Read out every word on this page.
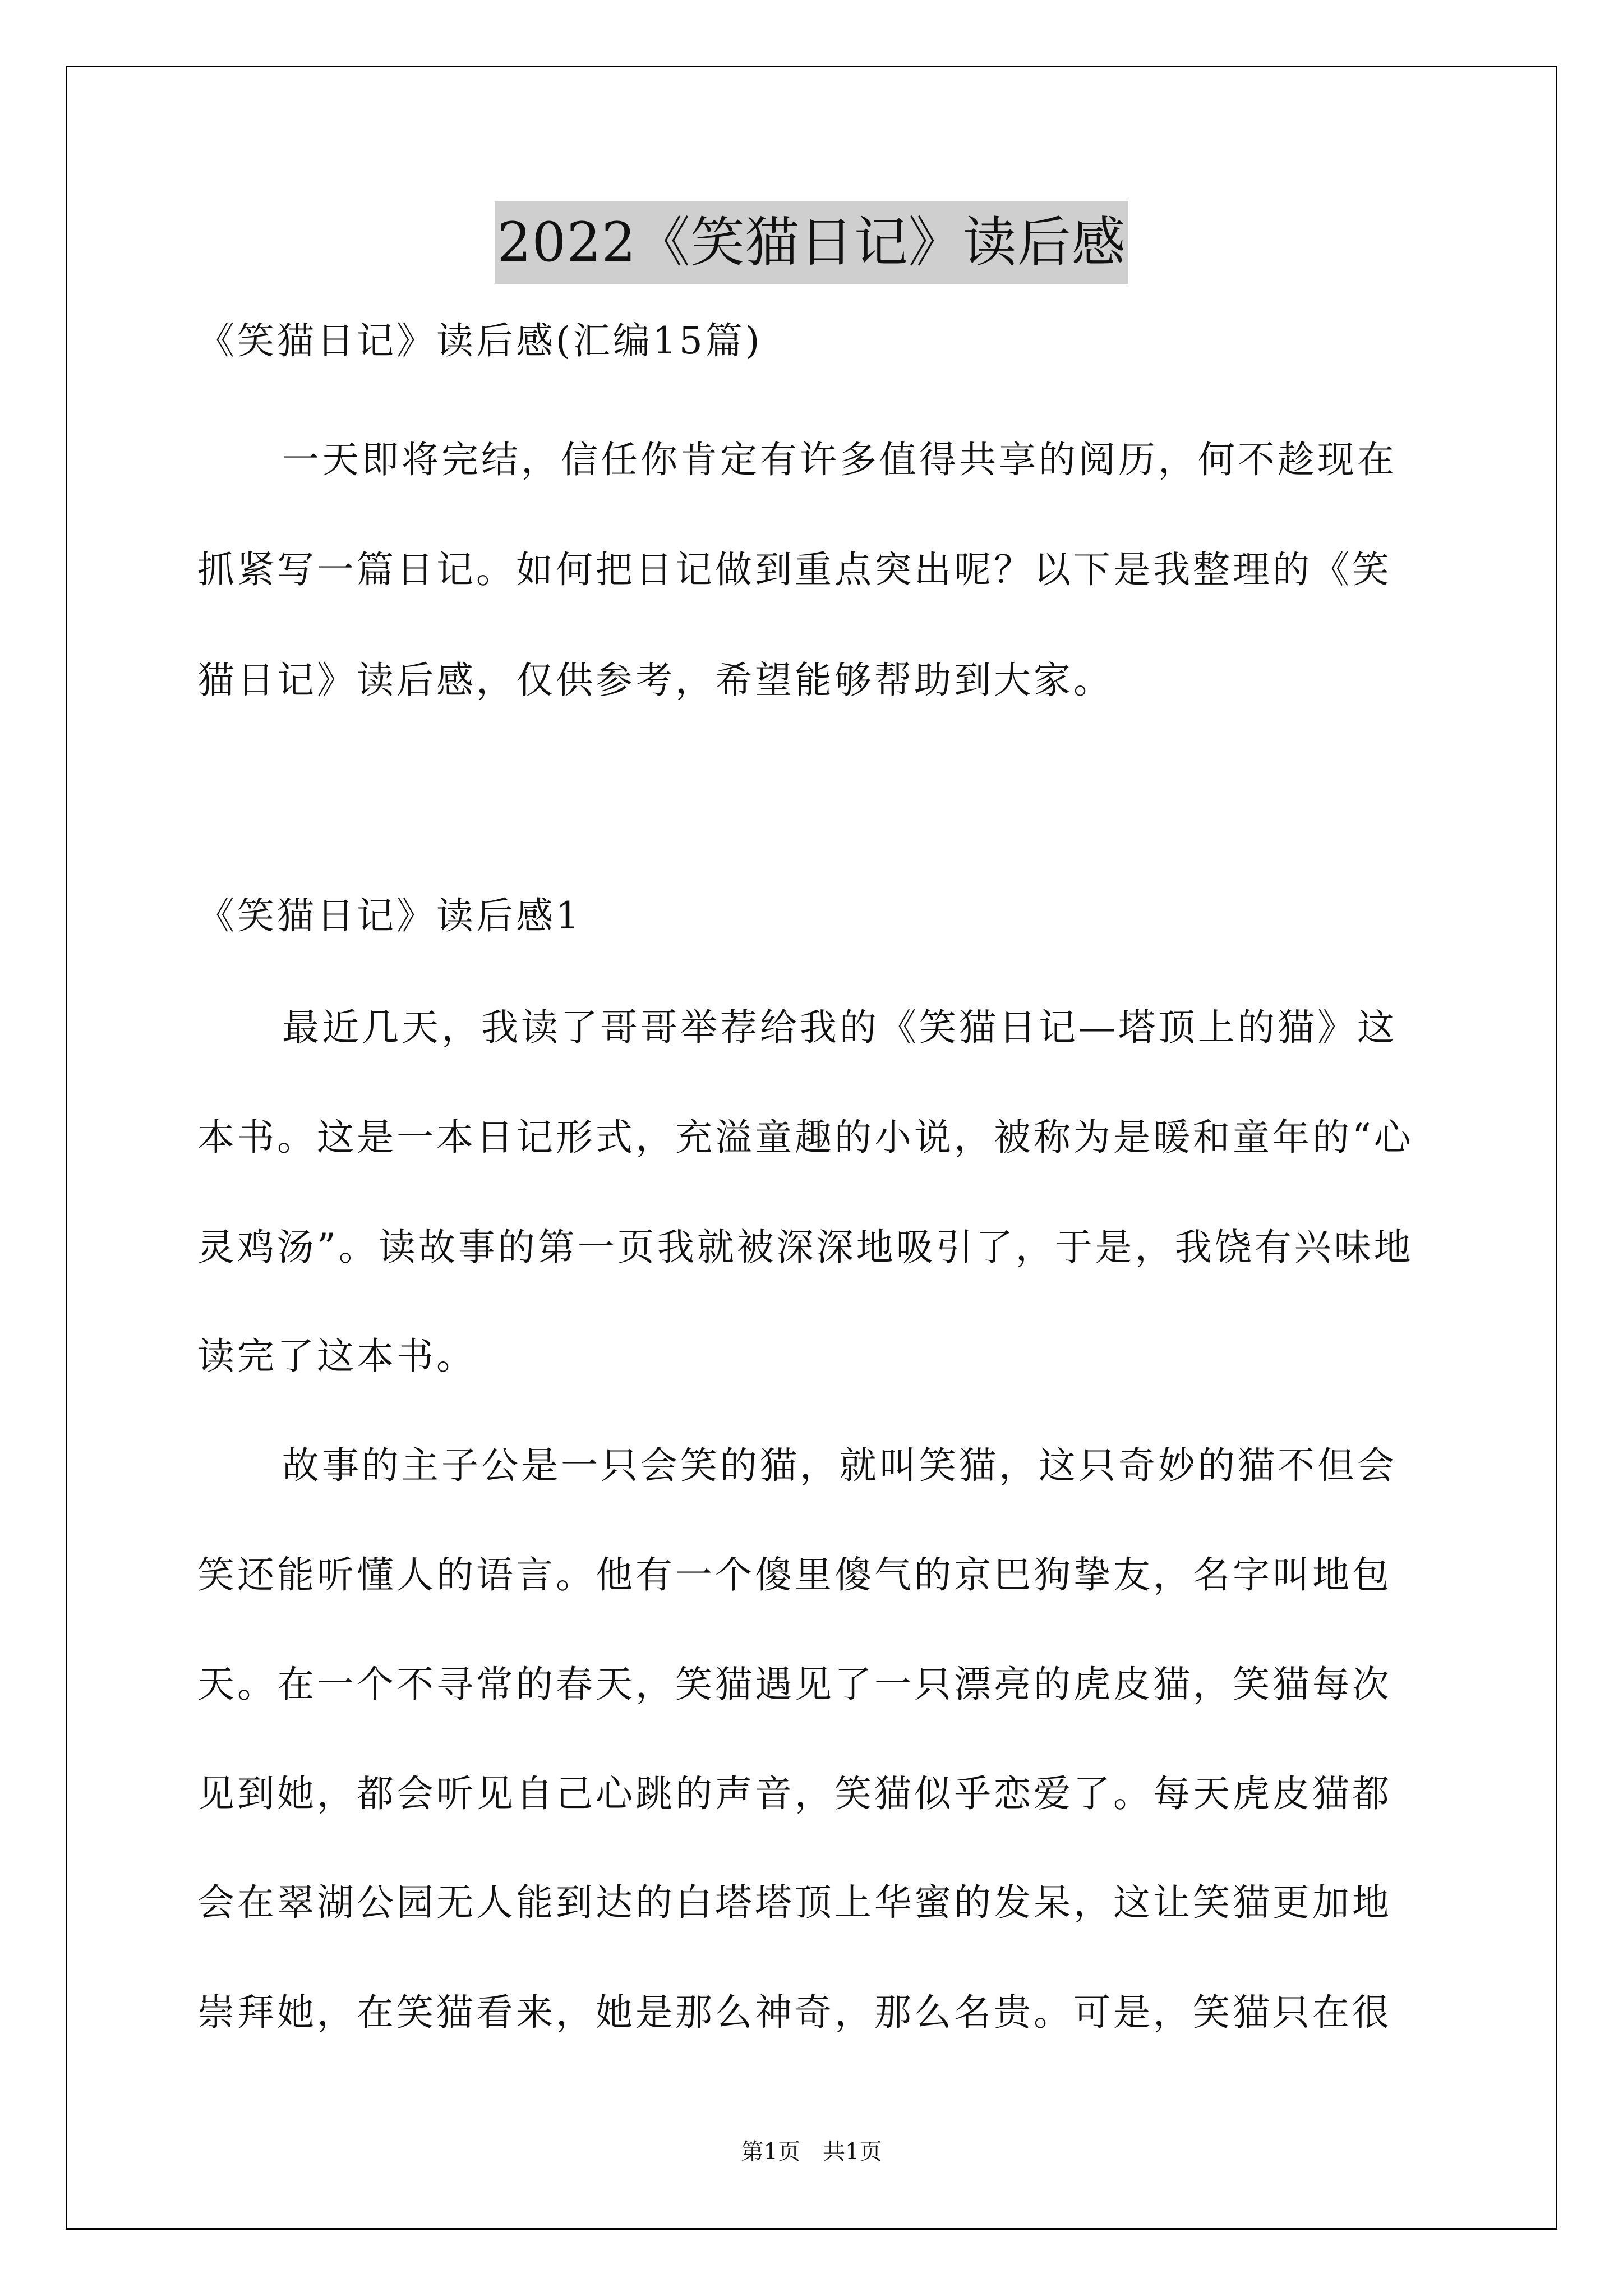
2022《笑猫日记》读后感
《笑猫日记》读后感(汇编15篇)
一天即将完结，信任你肯定有许多值得共享的阅历，何不趁现在
抓紧写一篇日记。如何把日记做到重点突出呢？以下是我整理的《笑
猫日记》读后感，仅供参考，希望能够帮助到大家。
《笑猫日记》读后感1
最近几天，我读了哥哥举荐给我的《笑猫日记—塔顶上的猫》这
本书。这是一本日记形式，充溢童趣的小说，被称为是暖和童年的“心
灵鸡汤”。读故事的第一页我就被深深地吸引了，于是，我饶有兴味地
读完了这本书。
故事的主子公是一只会笑的猫，就叫笑猫，这只奇妙的猫不但会
笑还能听懂人的语言。他有一个傻里傻气的京巴狗挚友，名字叫地包
天。在一个不寻常的春天，笑猫遇见了一只漂亮的虎皮猫，笑猫每次
见到她，都会听见自己心跳的声音，笑猫似乎恋爱了。每天虎皮猫都
会在翠湖公园无人能到达的白塔塔顶上华蜜的发呆，这让笑猫更加地
崇拜她，在笑猫看来，她是那么神奇，那么名贵。可是，笑猫只在很
第1页　共1页
